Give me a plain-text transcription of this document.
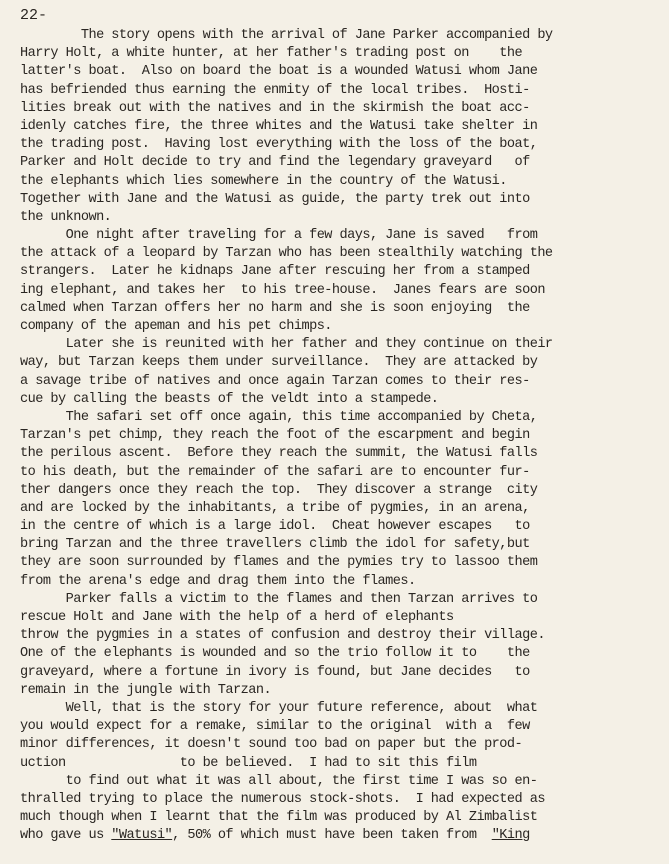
22-
The story opens with the arrival of Jane Parker accompanied by
Harry Holt, a white hunter, at her father's trading post on    the
latter's boat.  Also on board the boat is a wounded Watusi whom Jane
has befriended thus earning the enmity of the local tribes.  Hosti-
lities break out with the natives and in the skirmish the boat acc-
idenly catches fire, the three whites and the Watusi take shelter in
the trading post.  Having lost everything with the loss of the boat,
Parker and Holt decide to try and find the legendary graveyard   of
the elephants which lies somewhere in the country of the Watusi.
Together with Jane and the Watusi as guide, the party trek out into
the unknown.
One night after traveling for a few days, Jane is saved   from
the attack of a leopard by Tarzan who has been stealthily watching the
strangers.  Later he kidnaps Jane after rescuing her from a stamped
ing elephant, and takes her  to his tree-house.  Janes fears are soon
calmed when Tarzan offers her no harm and she is soon enjoying  the
company of the apeman and his pet chimps.
Later she is reunited with her father and they continue on their
way, but Tarzan keeps them under surveillance.  They are attacked by
a savage tribe of natives and once again Tarzan comes to their res-
cue by calling the beasts of the veldt into a stampede.
The safari set off once again, this time accompanied by Cheta,
Tarzan's pet chimp, they reach the foot of the escarpment and begin
the perilous ascent.  Before they reach the summit, the Watusi falls
to his death, but the remainder of the safari are to encounter fur-
ther dangers once they reach the top.  They discover a strange  city
and are locked by the inhabitants, a tribe of pygmies, in an arena,
in the centre of which is a large idol.  Cheat however escapes   to
bring Tarzan and the three travellers climb the idol for safety,but
they are soon surrounded by flames and the pymies try to lassoo them
from the arena's edge and drag them into the flames.
Parker falls a victim to the flames and then Tarzan arrives to
rescue Holt and Jane with the help of a herd of elephants
throw the pygmies in a states of confusion and destroy their village.
One of the elephants is wounded and so the trio follow it to    the
graveyard, where a fortune in ivory is found, but Jane decides   to
remain in the jungle with Tarzan.
Well, that is the story for your future reference, about  what
you would expect for a remake, similar to the original  with a  few
minor differences, it doesn't sound too bad on paper but the prod-
uction               to be believed.  I had to sit this film
to find out what it was all about, the first time I was so en-
thralled trying to place the numerous stock-shots.  I had expected as
much though when I learnt that the film was produced by Al Zimbalist
who gave us "Watusi", 50% of which must have been taken from  "King
